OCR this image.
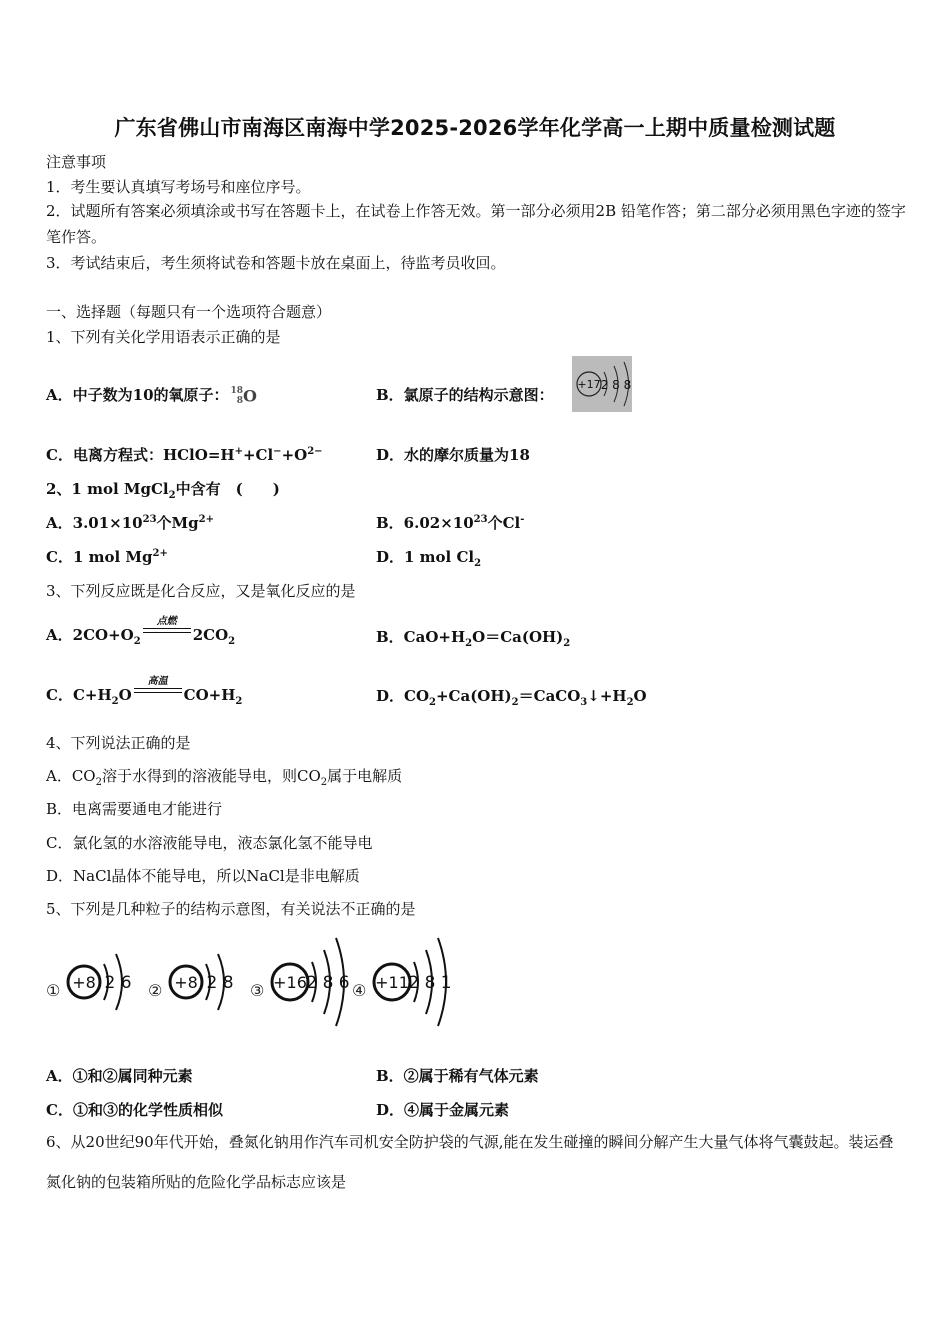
广东省佛山市南海区南海中学2025-2026学年化学高一上期中质量检测试题
注意事项
1．考生要认真填写考场号和座位序号。
2．试题所有答案必须填涂或书写在答题卡上，在试卷上作答无效。第一部分必须用2B 铅笔作答；第二部分必须用黑色字迹的签字笔作答。
3．考试结束后，考生须将试卷和答题卡放在桌面上，待监考员收回。
一、选择题（每题只有一个选项符合题意）
1、下列有关化学用语表示正确的是
A．中子数为10的氧原子： 18
8 O	B．氯原子的结构示意图：
+17 2 8 8
C．电离方程式：$HClO=H^++Cl^-+O^{2-}$	D．水的摩尔质量为18
2、1 mol MgCl$_2$中含有　(　　)
A．$3.01\times 10^{23}$个$Mg^{2+}$	B．$6.02\times 10^{23}$个Cl-
C．1 mol $Mg^{2+}$	D．1 mol $Cl_2$
3、下列反应既是化合反应，又是氧化反应的是
A．$2CO+O_2$
点燃
$2CO_2$	B．$CaO+H_2O=Ca(OH)_2$
C．$C+H_2O$
高温
$CO+H_2$	D．$CO_2+Ca(OH)_2=CaCO_3↓+H_2O$
4、下列说法正确的是
A．$CO_2$溶于水得到的溶液能导电，则$CO_2$属于电解质
B．电离需要通电才能进行
C．氯化氢的水溶液能导电，液态氯化氢不能导电
D．NaCl晶体不能导电，所以NaCl是非电解质
5、下列是几种粒子的结构示意图，有关说法不正确的是
① +8 2 6 ② +8 2 8 ③ +16 2 8 6 ④ +11 2 8 1
A．①和②属同种元素	B．②属于稀有气体元素
C．①和③的化学性质相似	D．④属于金属元素
6、从20世纪90年代开始，叠氮化钠用作汽车司机安全防护袋的气源,能在发生碰撞的瞬间分解产生大量气体将气囊鼓起。装运叠氮化钠的包装箱所贴的危险化学品标志应该是
